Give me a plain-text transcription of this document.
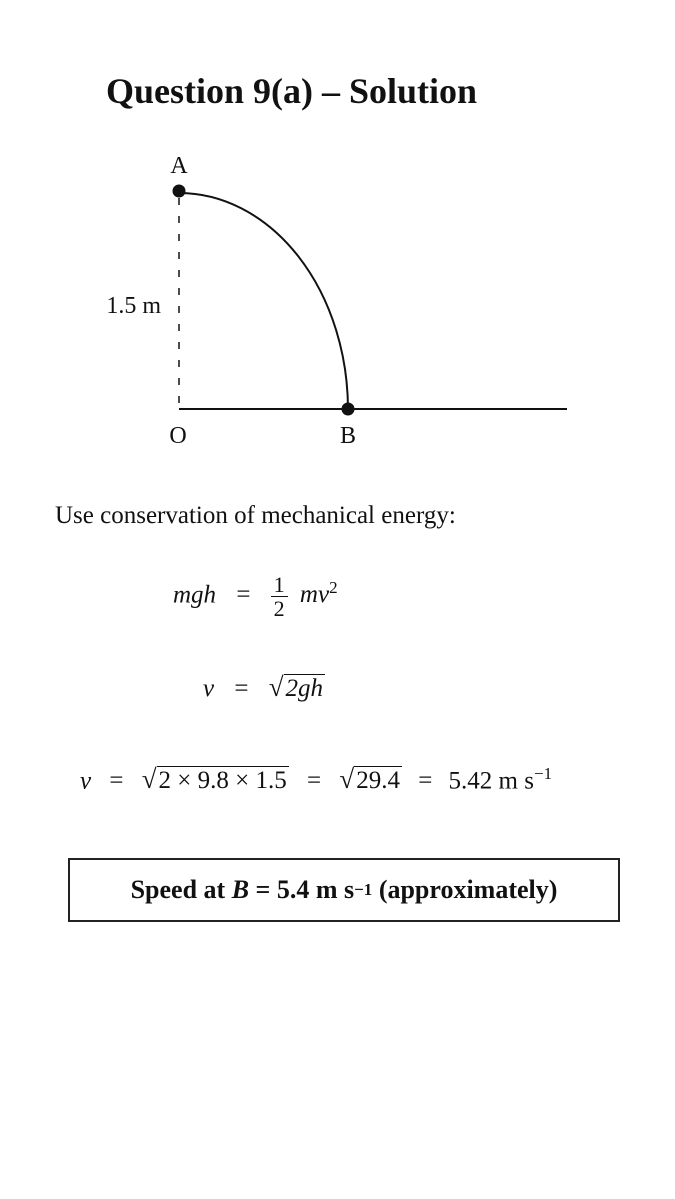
Question 9(a) – Solution
A
O	B
1.5 m
Use conservation of mechanical energy:
mgh = $\frac{1}{2} mv^2$
v = √2gh
v = √2 × 9.8 × 1.5 = √29.4 = 5.42 m $s^{-1}$
Speed at B = 5.4 m s −1 (approximately)
